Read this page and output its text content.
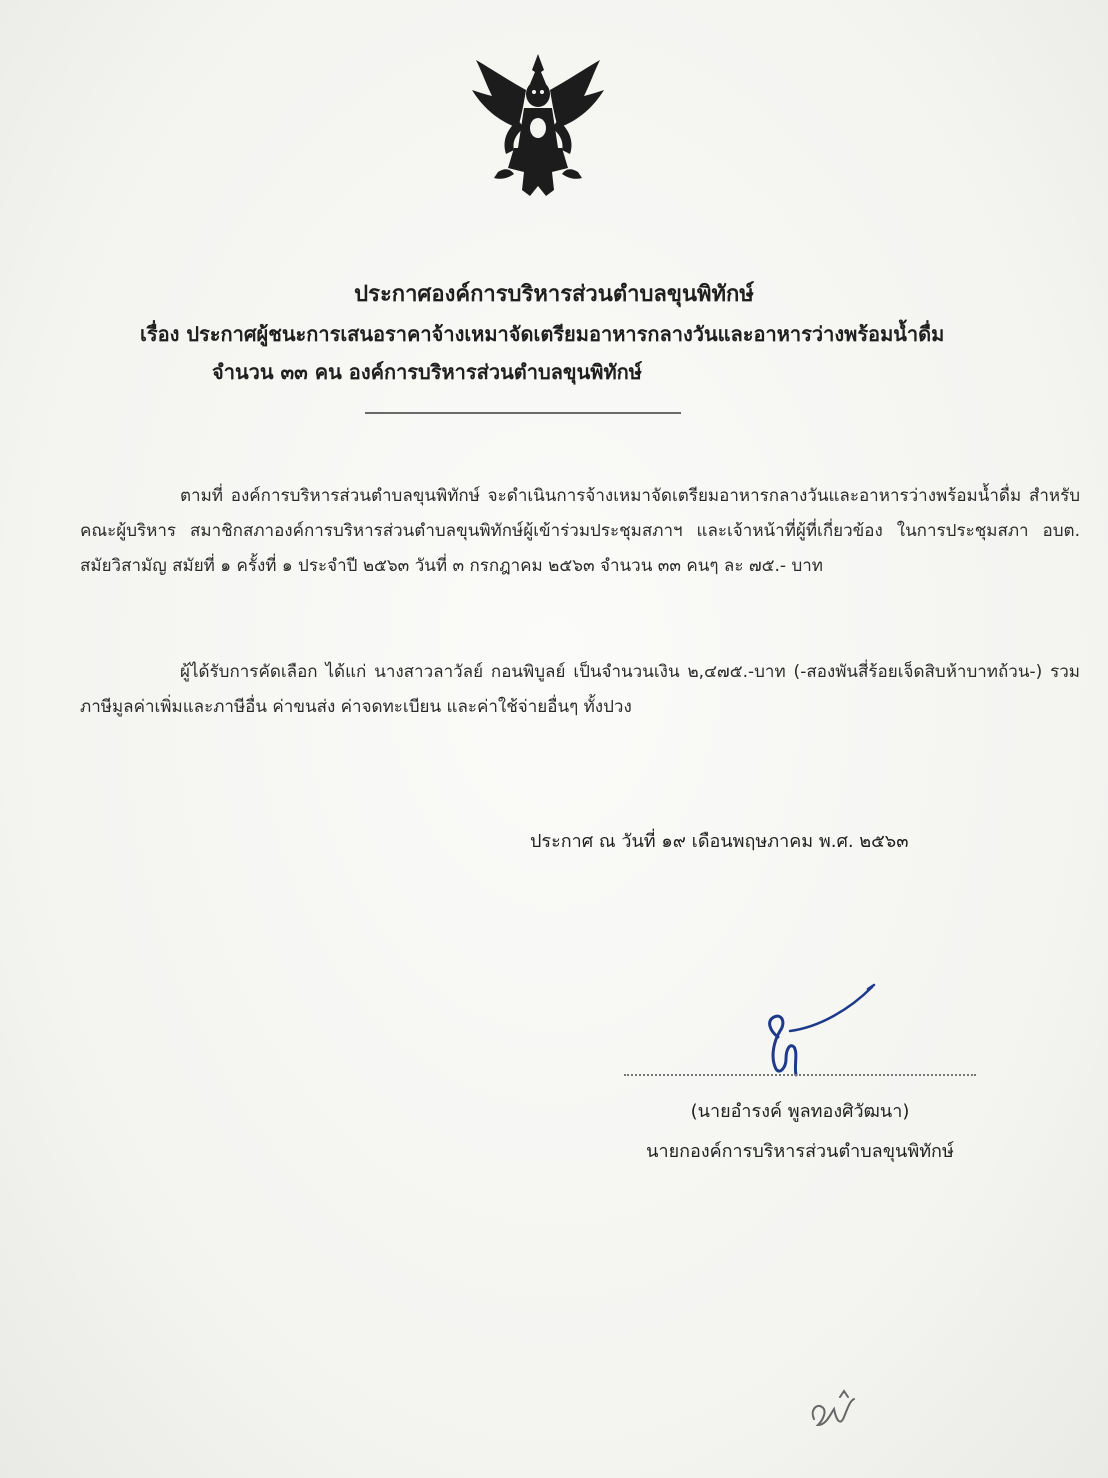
ประกาศองค์การบริหารส่วนตำบลขุนพิทักษ์
เรื่อง ประกาศผู้ชนะการเสนอราคาจ้างเหมาจัดเตรียมอาหารกลางวันและอาหารว่างพร้อมน้ำดื่ม
จำนวน ๓๓ คน องค์การบริหารส่วนตำบลขุนพิทักษ์

ตามที่ องค์การบริหารส่วนตำบลขุนพิทักษ์ จะดำเนินการจ้างเหมาจัดเตรียมอาหารกลางวันและอาหารว่างพร้อมน้ำดื่ม สำหรับคณะผู้บริหาร สมาชิกสภาองค์การบริหารส่วนตำบลขุนพิทักษ์ผู้เข้าร่วมประชุมสภาฯ และเจ้าหน้าที่ผู้ที่เกี่ยวข้อง ในการประชุมสภา อบต. สมัยวิสามัญ สมัยที่ ๑ ครั้งที่ ๑ ประจำปี ๒๕๖๓ วันที่ ๓ กรกฎาคม ๒๕๖๓ จำนวน ๓๓ คนๆ ละ ๗๕.- บาท

ผู้ได้รับการคัดเลือก ได้แก่ นางสาวลาวัลย์ กอนพิบูลย์ เป็นจำนวนเงิน ๒,๔๗๕.-บาท (-สองพันสี่ร้อยเจ็ดสิบห้าบาทถ้วน-) รวมภาษีมูลค่าเพิ่มและภาษีอื่น ค่าขนส่ง ค่าจดทะเบียน และค่าใช้จ่ายอื่นๆ ทั้งปวง

ประกาศ ณ วันที่ ๑๙ เดือนพฤษภาคม พ.ศ. ๒๕๖๓
(นายอำรงค์ พูลทองศิวัฒนา)
นายกองค์การบริหารส่วนตำบลขุนพิทักษ์
